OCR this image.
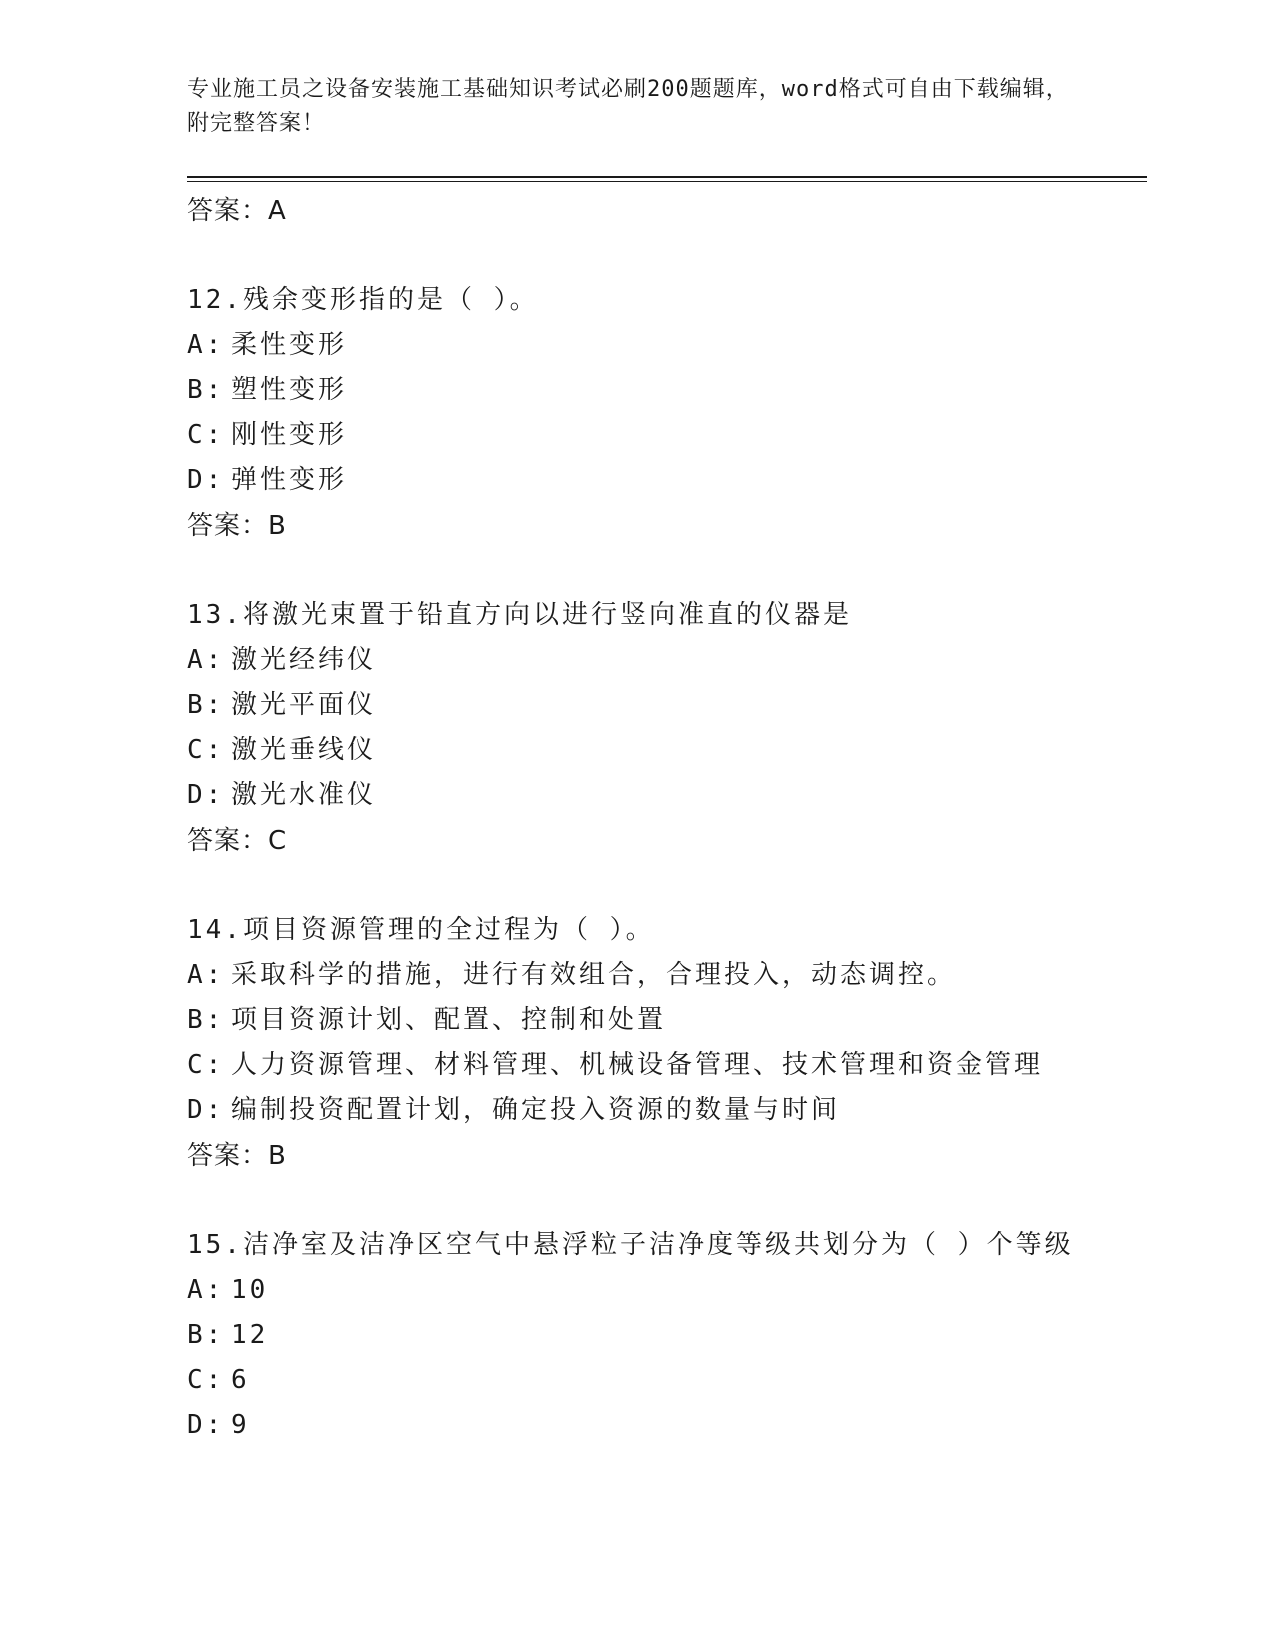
专业施工员之设备安装施工基础知识考试必刷200题题库，word格式可自由下载编辑，附完整答案！
答案：A
12.残余变形指的是（ ）。
A: 柔性变形
B: 塑性变形
C: 刚性变形
D: 弹性变形
答案：B
13.将激光束置于铅直方向以进行竖向准直的仪器是
A: 激光经纬仪
B: 激光平面仪
C: 激光垂线仪
D: 激光水准仪
答案：C
14.项目资源管理的全过程为（ ）。
A: 采取科学的措施，进行有效组合，合理投入，动态调控。
B: 项目资源计划、配置、控制和处置
C: 人力资源管理、材料管理、机械设备管理、技术管理和资金管理
D: 编制投资配置计划，确定投入资源的数量与时间
答案：B
15.洁净室及洁净区空气中悬浮粒子洁净度等级共划分为（ ）个等级
A: 10
B: 12
C: 6
D: 9
